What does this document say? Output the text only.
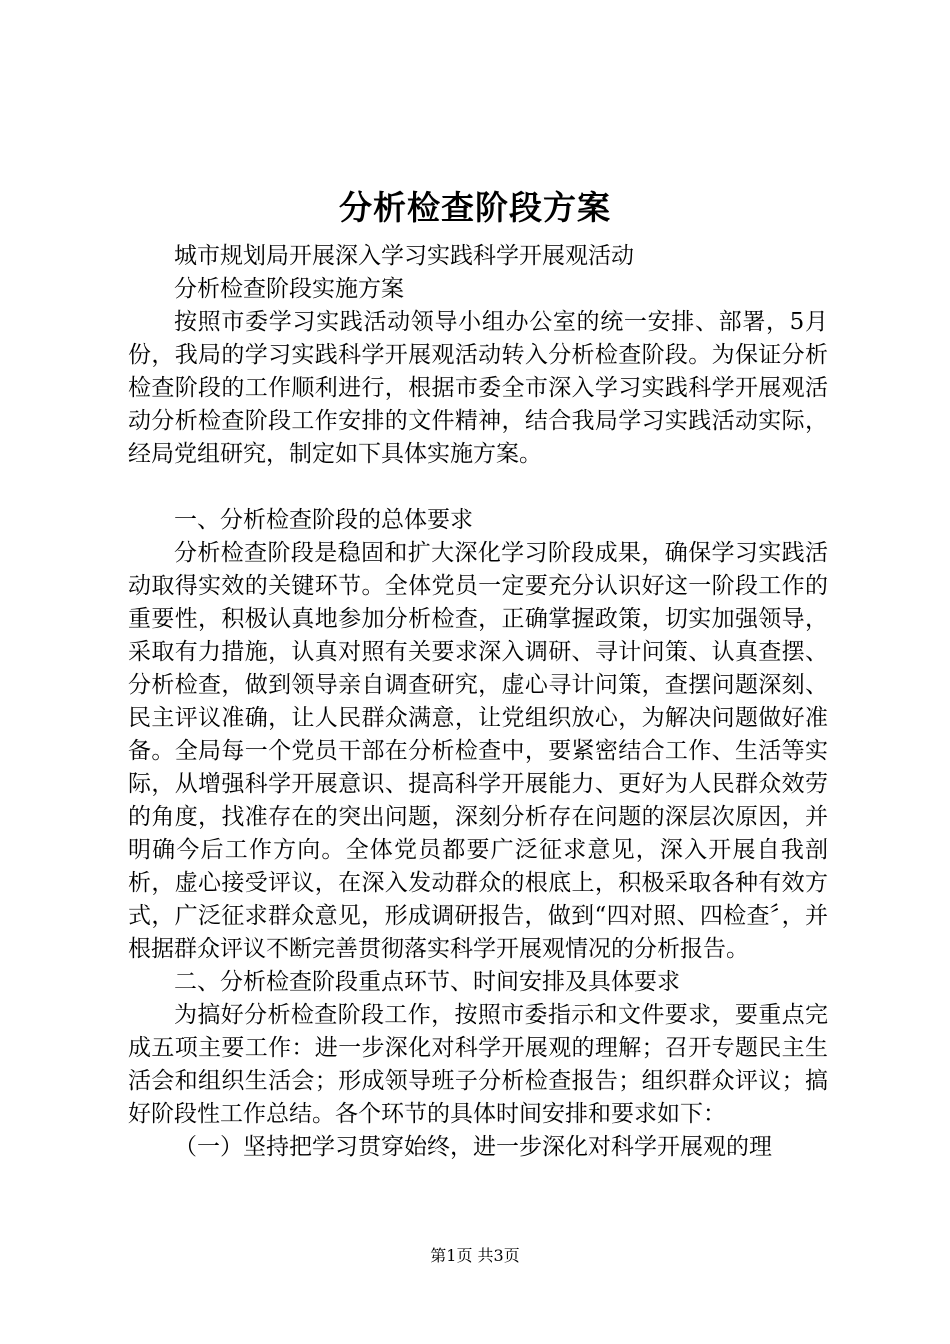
分析检查阶段方案

城市规划局开展深入学习实践科学开展观活动

分析检查阶段实施方案

按照市委学习实践活动领导小组办公室的统一安排、部署，5月份，我局的学习实践科学开展观活动转入分析检查阶段。为保证分析检查阶段的工作顺利进行，根据市委全市深入学习实践科学开展观活动分析检查阶段工作安排的文件精神，结合我局学习实践活动实际，经局党组研究，制定如下具体实施方案。

一、分析检查阶段的总体要求

分析检查阶段是稳固和扩大深化学习阶段成果，确保学习实践活动取得实效的关键环节。全体党员一定要充分认识好这一阶段工作的重要性，积极认真地参加分析检查，正确掌握政策，切实加强领导，采取有力措施，认真对照有关要求深入调研、寻计问策、认真查摆、分析检查，做到领导亲自调查研究，虚心寻计问策，查摆问题深刻、民主评议准确，让人民群众满意，让党组织放心，为解决问题做好准备。全局每一个党员干部在分析检查中，要紧密结合工作、生活等实际，从增强科学开展意识、提高科学开展能力、更好为人民群众效劳的角度，找准存在的突出问题，深刻分析存在问题的深层次原因，并明确今后工作方向。全体党员都要广泛征求意见，深入开展自我剖析，虚心接受评议，在深入发动群众的根底上，积极采取各种有效方式，广泛征求群众意见，形成调研报告，做到“四对照、四检查〞，并根据群众评议不断完善贯彻落实科学开展观情况的分析报告。

二、分析检查阶段重点环节、时间安排及具体要求

为搞好分析检查阶段工作，按照市委指示和文件要求，要重点完成五项主要工作：进一步深化对科学开展观的理解；召开专题民主生活会和组织生活会；形成领导班子分析检查报告；组织群众评议；搞好阶段性工作总结。各个环节的具体时间安排和要求如下：

（一）坚持把学习贯穿始终，进一步深化对科学开展观的理

第1页 共3页
